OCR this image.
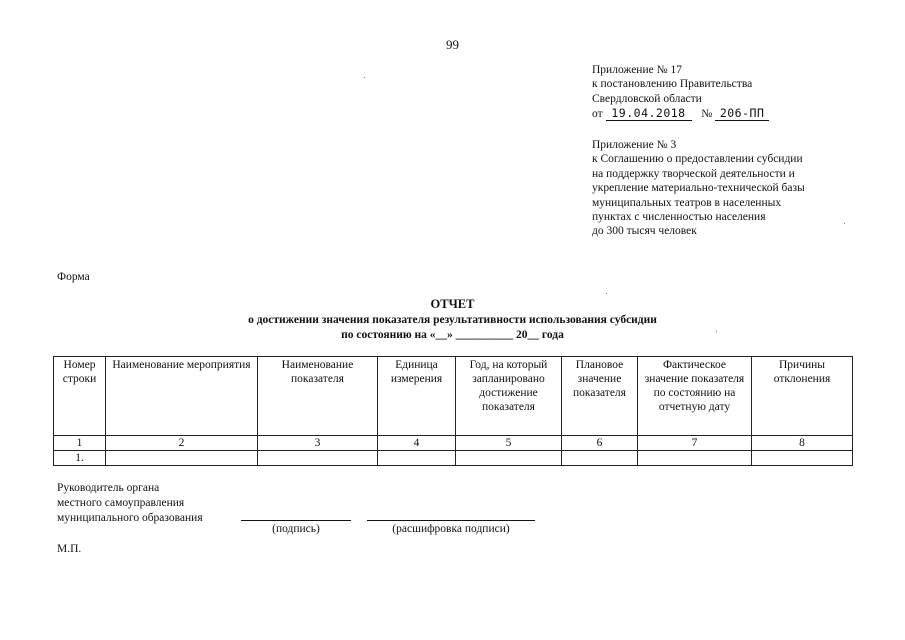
99
Приложение № 17
к постановлению Правительства
Свердловской области
от 19.04.2018 № 206-ПП
Приложение № 3
к Соглашению о предоставлении субсидии
на поддержку творческой деятельности и
укрепление материально-технической базы
муниципальных театров в населенных
пунктах с численностью населения
до 300 тысяч человек
Форма
ОТЧЕТ
о достижении значения показателя результативности использования субсидии
по состоянию на «__» __________ 20__ года
Номер строки	Наименование мероприятия	Наименование показателя	Единица измерения	Год, на который запланировано достижение показателя	Плановое значение показателя	Фактическое значение показателя по состоянию на отчетную дату	Причины отклонения
1	2	3	4	5	6	7	8
1.							
Руководитель органа
местного самоуправления
муниципального образования
(подпись)	(расшифровка подписи)
М.П.
